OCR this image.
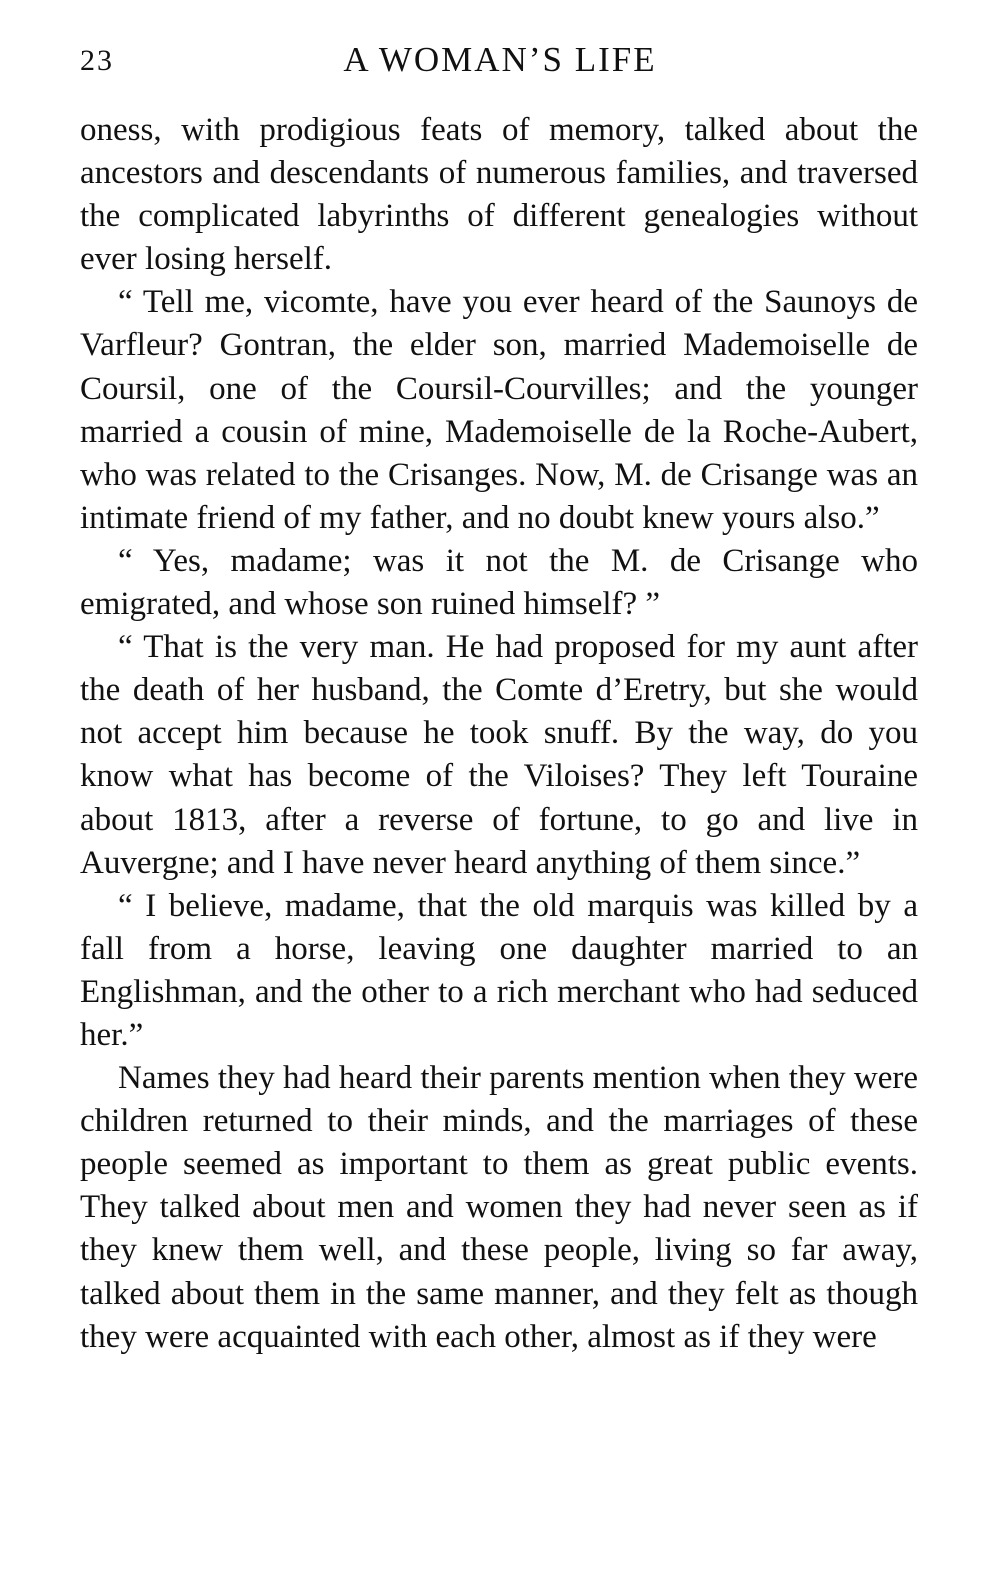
23	A WOMAN’S LIFE

oness, with prodigious feats of memory, talked about the ancestors and descendants of numerous families, and traversed the complicated labyrinths of different genealogies without ever losing herself.

“ Tell me, vicomte, have you ever heard of the Saunoys de Varfleur? Gontran, the elder son, married Mademoiselle de Coursil, one of the Coursil-Courvilles; and the younger married a cousin of mine, Mademoiselle de la Roche-Aubert, who was related to the Crisanges. Now, M. de Crisange was an intimate friend of my father, and no doubt knew yours also.”

“ Yes, madame; was it not the M. de Crisange who emigrated, and whose son ruined himself? ”

“ That is the very man. He had proposed for my aunt after the death of her husband, the Comte d’Eretry, but she would not accept him because he took snuff. By the way, do you know what has become of the Viloises? They left Touraine about 1813, after a reverse of fortune, to go and live in Auvergne; and I have never heard anything of them since.”

“ I believe, madame, that the old marquis was killed by a fall from a horse, leaving one daughter married to an Englishman, and the other to a rich merchant who had seduced her.”

Names they had heard their parents mention when they were children returned to their minds, and the marriages of these people seemed as important to them as great public events. They talked about men and women they had never seen as if they knew them well, and these people, living so far away, talked about them in the same manner, and they felt as though they were acquainted with each other, almost as if they were
